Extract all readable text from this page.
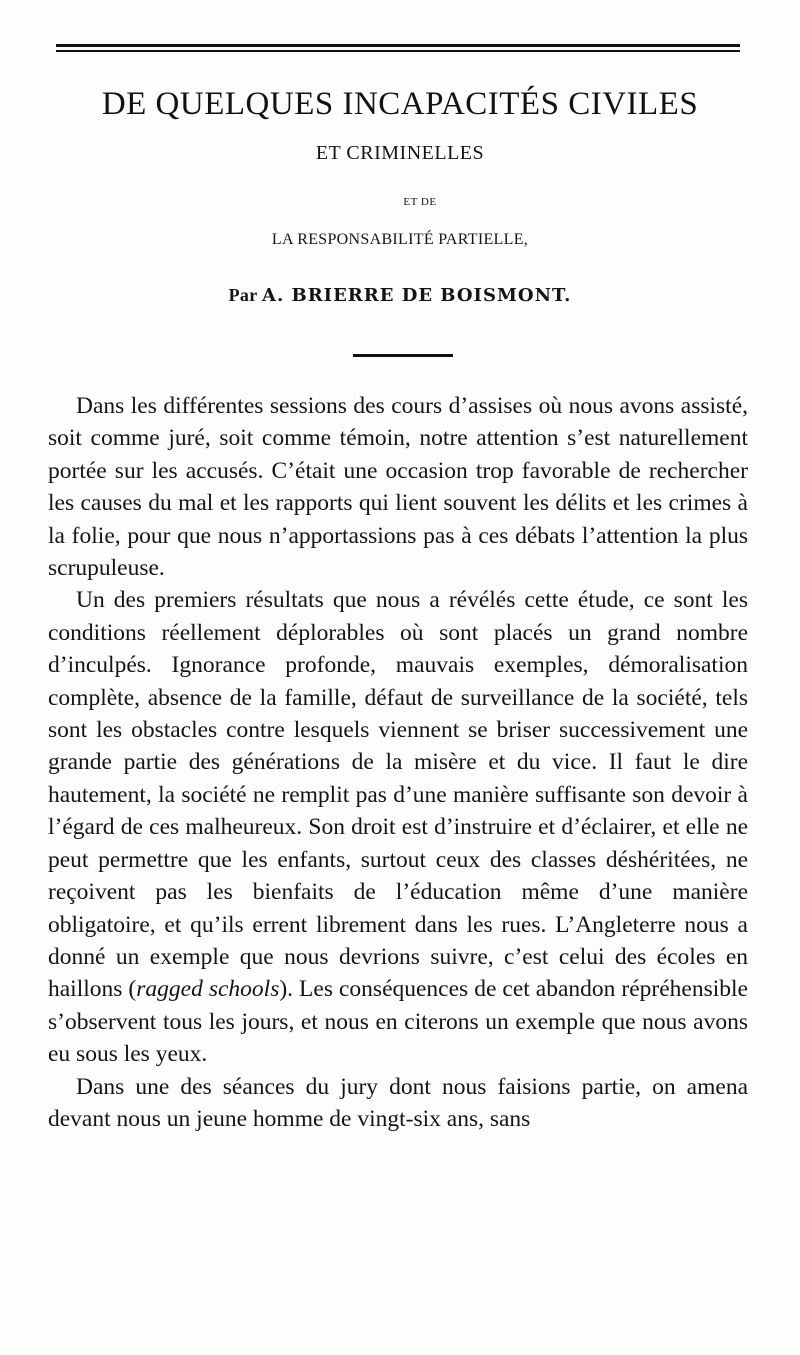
DE QUELQUES INCAPACITÉS CIVILES
ET CRIMINELLES
ET DE
LA RESPONSABILITÉ PARTIELLE,
Par A. BRIERRE DE BOISMONT.

Dans les différentes sessions des cours d’assises où nous avons assisté, soit comme juré, soit comme témoin, notre attention s’est naturellement portée sur les accusés. C’était une occasion trop favorable de rechercher les causes du mal et les rapports qui lient souvent les délits et les crimes à la folie, pour que nous n’apportassions pas à ces débats l’attention la plus scrupuleuse.

Un des premiers résultats que nous a révélés cette étude, ce sont les conditions réellement déplorables où sont placés un grand nombre d’inculpés. Ignorance profonde, mauvais exemples, démoralisation complète, absence de la famille, défaut de surveillance de la société, tels sont les obstacles contre lesquels viennent se briser successivement une grande partie des générations de la misère et du vice. Il faut le dire hautement, la société ne remplit pas d’une manière suffisante son devoir à l’égard de ces malheureux. Son droit est d’instruire et d’éclairer, et elle ne peut permettre que les enfants, surtout ceux des classes déshéritées, ne reçoivent pas les bienfaits de l’éducation même d’une manière obligatoire, et qu’ils errent librement dans les rues. L’Angleterre nous a donné un exemple que nous devrions suivre, c’est celui des écoles en haillons (ragged schools). Les conséquences de cet abandon répréhensible s’observent tous les jours, et nous en citerons un exemple que nous avons eu sous les yeux.

Dans une des séances du jury dont nous faisions partie, on amena devant nous un jeune homme de vingt-six ans, sans
